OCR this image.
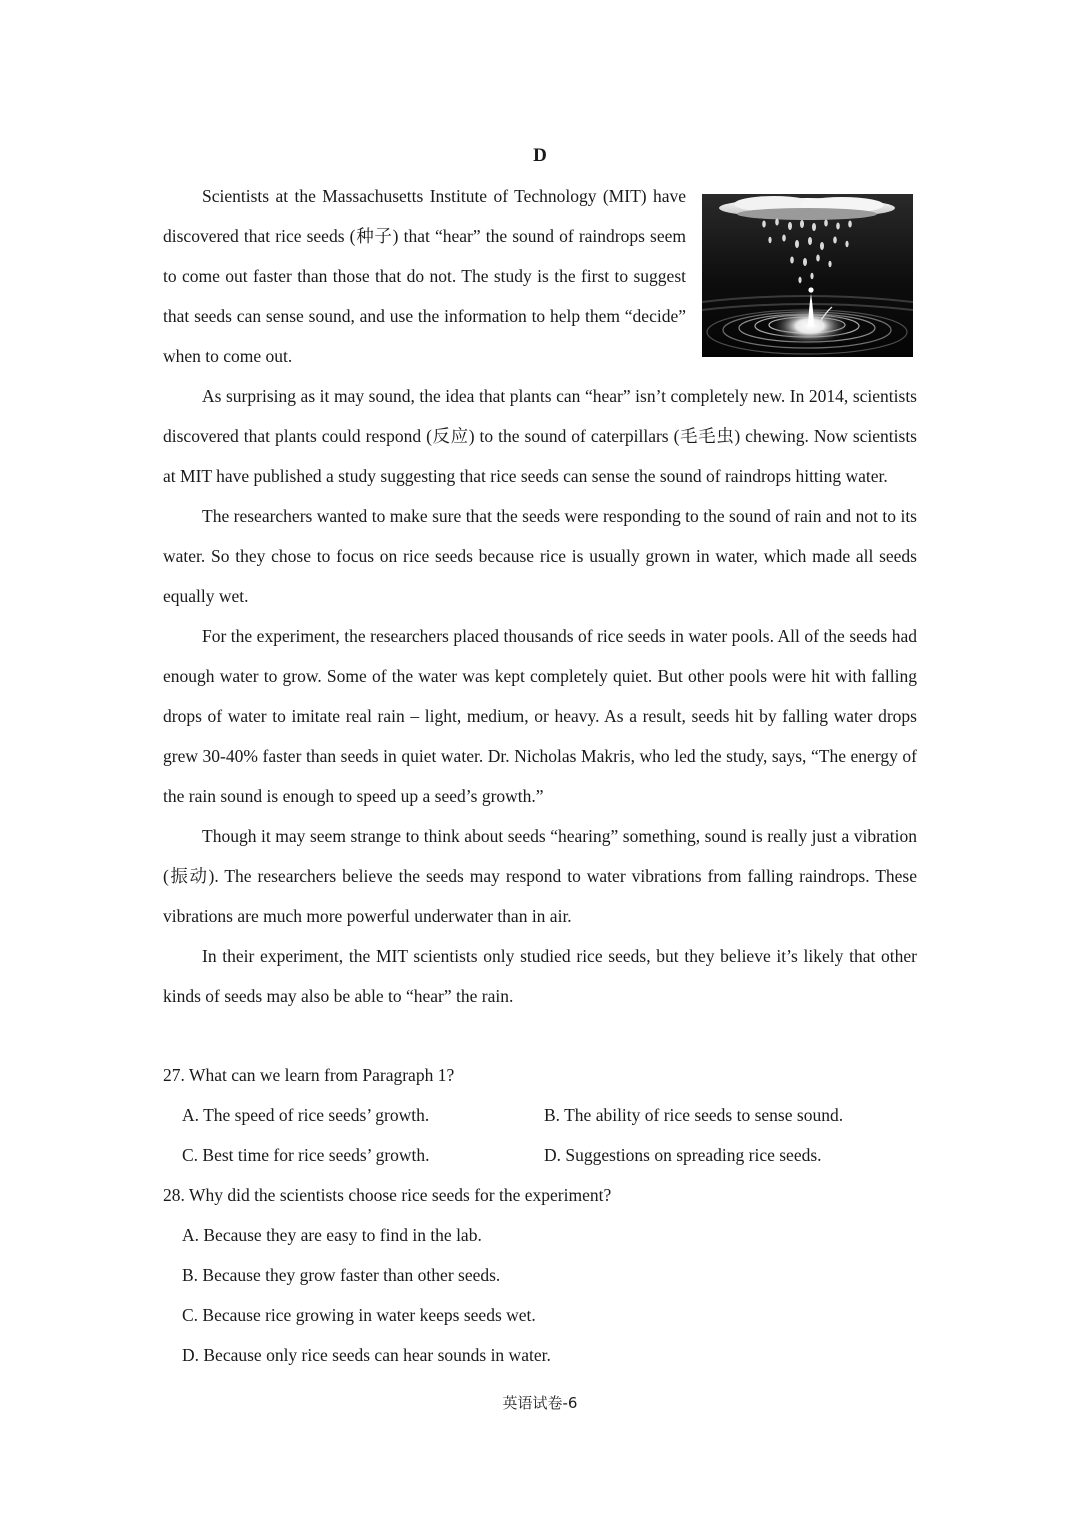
D

Scientists at the Massachusetts Institute of Technology (MIT) have discovered that rice seeds (种子) that “hear” the sound of raindrops seem to come out faster than those that do not. The study is the first to suggest that seeds can sense sound, and use the information to help them “decide” when to come out.

As surprising as it may sound, the idea that plants can “hear” isn’t completely new. In 2014, scientists discovered that plants could respond (反应) to the sound of caterpillars (毛毛虫) chewing. Now scientists at MIT have published a study suggesting that rice seeds can sense the sound of raindrops hitting water.

The researchers wanted to make sure that the seeds were responding to the sound of rain and not to its water. So they chose to focus on rice seeds because rice is usually grown in water, which made all seeds equally wet.

For the experiment, the researchers placed thousands of rice seeds in water pools. All of the seeds had enough water to grow. Some of the water was kept completely quiet. But other pools were hit with falling drops of water to imitate real rain – light, medium, or heavy. As a result, seeds hit by falling water drops grew 30-40% faster than seeds in quiet water. Dr. Nicholas Makris, who led the study, says, “The energy of the rain sound is enough to speed up a seed’s growth.”

Though it may seem strange to think about seeds “hearing” something, sound is really just a vibration (振动). The researchers believe the seeds may respond to water vibrations from falling raindrops. These vibrations are much more powerful underwater than in air.

In their experiment, the MIT scientists only studied rice seeds, but they believe it’s likely that other kinds of seeds may also be able to “hear” the rain.

27. What can we learn from Paragraph 1?

A. The speed of rice seeds’ growth.	B. The ability of rice seeds to sense sound.

C. Best time for rice seeds’ growth.	D. Suggestions on spreading rice seeds.

28. Why did the scientists choose rice seeds for the experiment?

A. Because they are easy to find in the lab.

B. Because they grow faster than other seeds.

C. Because rice growing in water keeps seeds wet.

D. Because only rice seeds can hear sounds in water.

英语试卷-6
